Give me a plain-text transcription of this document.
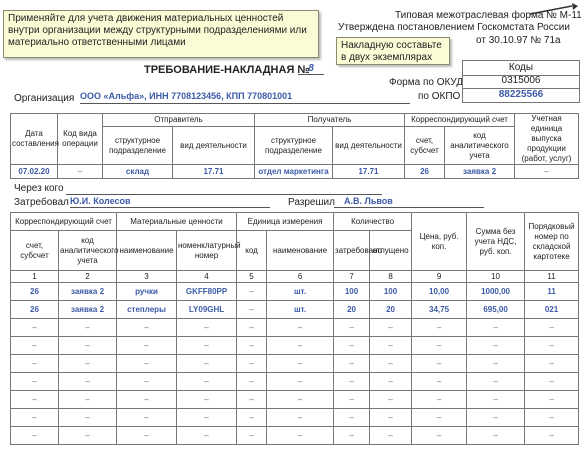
Применяйте для учета движения материальных ценностей внутри организации между структурными подразделениями или материально ответственными лицами
Типовая межотраслевая форма № М-11
Утверждена постановлением Госкомстата России
от 30.10.97 № 71а
Накладную составьте в двух экземплярах
Коды
ТРЕБОВАНИЕ-НАКЛАДНАЯ №
8
Форма по ОКУД	0315006
по ОКПО	88225566
Организация ООО «Альфа», ИНН 7708123456, КПП 770801001
Дата составления	Код вида операции	Отправитель		Получатель		Корреспондирующий счет		Учетная единица выпуска продукции (работ, услуг)
		структурное подразделение	вид деятельности	структурное подразделение	вид деятельности	счет, субсчет	код аналитического учета	
07.02.20	–	склад	17.71	отдел маркетинга	17.71	26	заявка 2	–
Через кого
Затребовал Ю.И. Колесов	Разрешил	А.В. Львов
Корреспондирующий счет		Материальные ценности		Единица измерения		Количество		Цена, руб. коп.	Сумма без учета НДС, руб. коп.	Порядковый номер по складской картотеке
счет, субсчет	код аналитического учета	наименование	номенклатурный номер	код	наименование	затребовано	отпущено			
1	2	3	4	5	6	7	8	9	10	11
26	заявка 2	ручки	GKFF80PP	–	шт.	100	100	10,00	1000,00	11
26	заявка 2	степлеры	LY09GHL	–	шт.	20	20	34,75	695,00	021
–	–	–	–	–	–	–	–	–	–	–
–	–	–	–	–	–	–	–	–	–	–
–	–	–	–	–	–	–	–	–	–	–
–	–	–	–	–	–	–	–	–	–	–
–	–	–	–	–	–	–	–	–	–	–
–	–	–	–	–	–	–	–	–	–	–
–	–	–	–	–	–	–	–	–	–	–
